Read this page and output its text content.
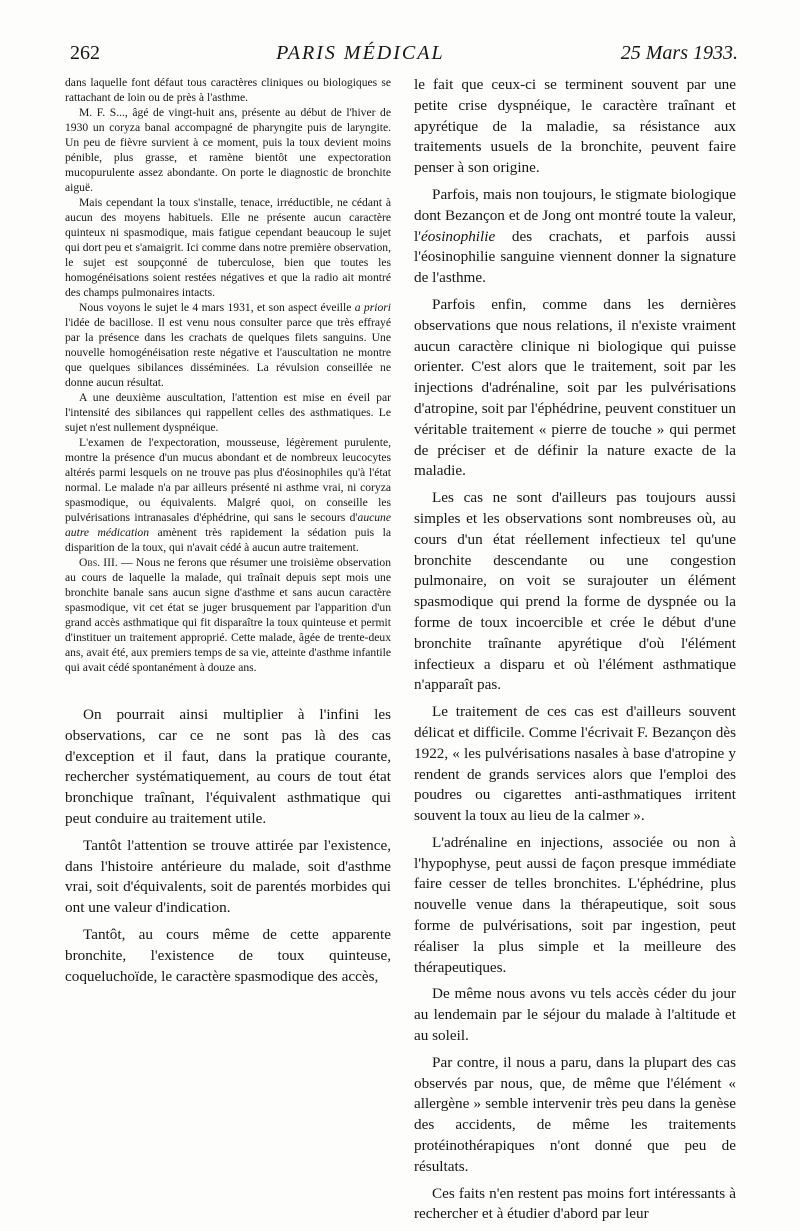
262	PARIS MÉDICAL	25 Mars 1933.

dans laquelle font défaut tous caractères cliniques ou biologiques se rattachant de loin ou de près à l'asthme.

M. F. S..., âgé de vingt-huit ans, présente au début de l'hiver de 1930 un coryza banal accompagné de pharyngite puis de laryngite. Un peu de fièvre survient à ce moment, puis la toux devient moins pénible, plus grasse, et ramène bientôt une expectoration mucopurulente assez abondante. On porte le diagnostic de bronchite aiguë.

Mais cependant la toux s'installe, tenace, irréductible, ne cédant à aucun des moyens habituels. Elle ne présente aucun caractère quinteux ni spasmodique, mais fatigue cependant beaucoup le sujet qui dort peu et s'amaigrit. Ici comme dans notre première observation, le sujet est soupçonné de tuberculose, bien que toutes les homogénéisations soient restées négatives et que la radio ait montré des champs pulmonaires intacts.

Nous voyons le sujet le 4 mars 1931, et son aspect éveille a priori l'idée de bacillose. Il est venu nous consulter parce que très effrayé par la présence dans les crachats de quelques filets sanguins. Une nouvelle homogénéisation reste négative et l'auscultation ne montre que quelques sibilances disséminées. La révulsion conseillée ne donne aucun résultat.

A une deuxième auscultation, l'attention est mise en éveil par l'intensité des sibilances qui rappellent celles des asthmatiques. Le sujet n'est nullement dyspnéique.

L'examen de l'expectoration, mousseuse, légèrement purulente, montre la présence d'un mucus abondant et de nombreux leucocytes altérés parmi lesquels on ne trouve pas plus d'éosinophiles qu'à l'état normal. Le malade n'a par ailleurs présenté ni asthme vrai, ni coryza spasmodique, ou équivalents. Malgré quoi, on conseille les pulvérisations intranasales d'éphédrine, qui sans le secours d'aucune autre médication amènent très rapidement la sédation puis la disparition de la toux, qui n'avait cédé à aucun autre traitement.

Obs. III. — Nous ne ferons que résumer une troisième observation au cours de laquelle la malade, qui traînait depuis sept mois une bronchite banale sans aucun signe d'asthme et sans aucun caractère spasmodique, vit cet état se juger brusquement par l'apparition d'un grand accès asthmatique qui fit disparaître la toux quinteuse et permit d'instituer un traitement approprié. Cette malade, âgée de trente-deux ans, avait été, aux premiers temps de sa vie, atteinte d'asthme infantile qui avait cédé spontanément à douze ans.

On pourrait ainsi multiplier à l'infini les observations, car ce ne sont pas là des cas d'exception et il faut, dans la pratique courante, rechercher systématiquement, au cours de tout état bronchique traînant, l'équivalent asthmatique qui peut conduire au traitement utile.

Tantôt l'attention se trouve attirée par l'existence, dans l'histoire antérieure du malade, soit d'asthme vrai, soit d'équivalents, soit de parentés morbides qui ont une valeur d'indication.

Tantôt, au cours même de cette apparente bronchite, l'existence de toux quinteuse, coqueluchoïde, le caractère spasmodique des accès,

le fait que ceux-ci se terminent souvent par une petite crise dyspnéique, le caractère traînant et apyrétique de la maladie, sa résistance aux traitements usuels de la bronchite, peuvent faire penser à son origine.

Parfois, mais non toujours, le stigmate biologique dont Bezançon et de Jong ont montré toute la valeur, l'éosinophilie des crachats, et parfois aussi l'éosinophilie sanguine viennent donner la signature de l'asthme.

Parfois enfin, comme dans les dernières observations que nous relations, il n'existe vraiment aucun caractère clinique ni biologique qui puisse orienter. C'est alors que le traitement, soit par les injections d'adrénaline, soit par les pulvérisations d'atropine, soit par l'éphédrine, peuvent constituer un véritable traitement « pierre de touche » qui permet de préciser et de définir la nature exacte de la maladie.

Les cas ne sont d'ailleurs pas toujours aussi simples et les observations sont nombreuses où, au cours d'un état réellement infectieux tel qu'une bronchite descendante ou une congestion pulmonaire, on voit se surajouter un élément spasmodique qui prend la forme de dyspnée ou la forme de toux incoercible et crée le début d'une bronchite traînante apyrétique d'où l'élément infectieux a disparu et où l'élément asthmatique n'apparaît pas.

Le traitement de ces cas est d'ailleurs souvent délicat et difficile. Comme l'écrivait F. Bezançon dès 1922, « les pulvérisations nasales à base d'atropine y rendent de grands services alors que l'emploi des poudres ou cigarettes anti-asthmatiques irritent souvent la toux au lieu de la calmer ».

L'adrénaline en injections, associée ou non à l'hypophyse, peut aussi de façon presque immédiate faire cesser de telles bronchites. L'éphédrine, plus nouvelle venue dans la thérapeutique, soit sous forme de pulvérisations, soit par ingestion, peut réaliser la plus simple et la meilleure des thérapeutiques.

De même nous avons vu tels accès céder du jour au lendemain par le séjour du malade à l'altitude et au soleil.

Par contre, il nous a paru, dans la plupart des cas observés par nous, que, de même que l'élément « allergène » semble intervenir très peu dans la genèse des accidents, de même les traitements protéinothérapiques n'ont donné que peu de résultats.

Ces faits n'en restent pas moins fort intéressants à rechercher et à étudier d'abord par leur
